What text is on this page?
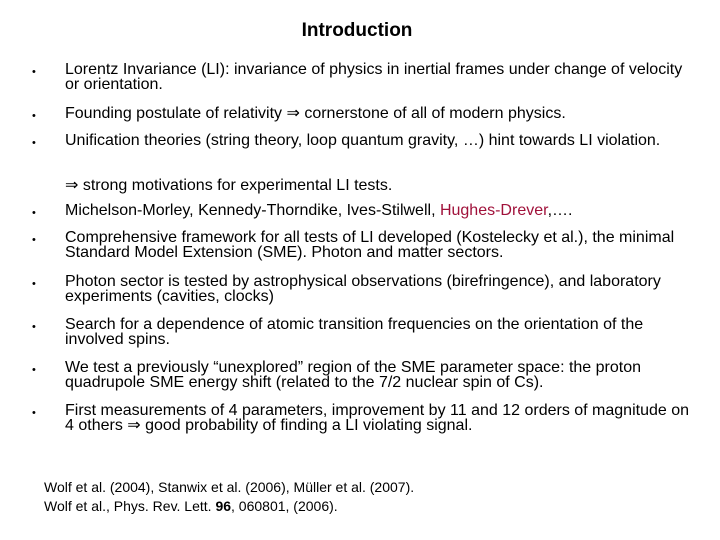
Introduction
• Lorentz Invariance (LI): invariance of physics in inertial frames under change of velocity or orientation.
• Founding postulate of relativity ⇒ cornerstone of all of modern physics.
• Unification theories (string theory, loop quantum gravity, …) hint towards LI violation.
⇒ strong motivations for experimental LI tests.
• Michelson-Morley, Kennedy-Thorndike, Ives-Stilwell, Hughes-Drever,….
• Comprehensive framework for all tests of LI developed (Kostelecky et al.), the minimal Standard Model Extension (SME). Photon and matter sectors.
• Photon sector is tested by astrophysical observations (birefringence), and laboratory experiments (cavities, clocks)
• Search for a dependence of atomic transition frequencies on the orientation of the involved spins.
• We test a previously “unexplored” region of the SME parameter space: the proton quadrupole SME energy shift (related to the 7/2 nuclear spin of Cs).
• First measurements of 4 parameters, improvement by 11 and 12 orders of magnitude on 4 others ⇒ good probability of finding a LI violating signal.
Wolf et al. (2004), Stanwix et al. (2006), Müller et al. (2007).
Wolf et al., Phys. Rev. Lett. 96, 060801, (2006).
